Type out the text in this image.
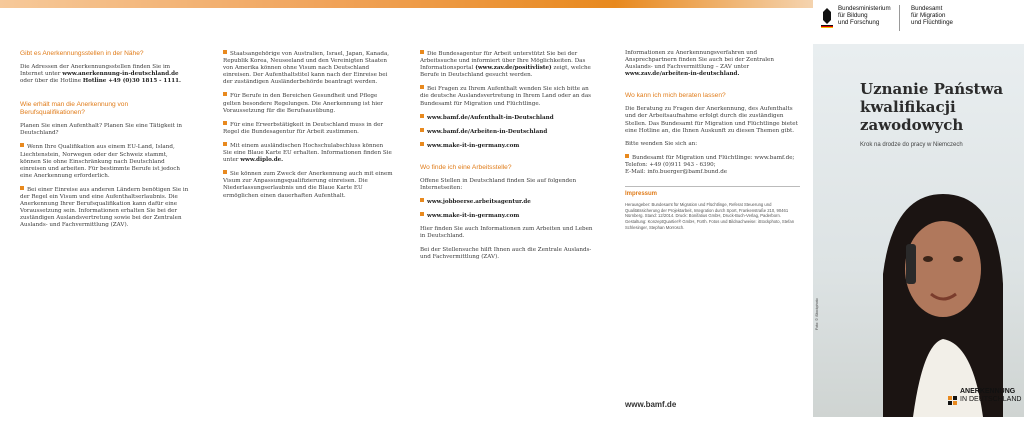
Gibt es Anerkennungsstellen in der Nähe?

Die Adressen der Anerkennungsstellen finden Sie im Internet unter www.anerkennung-in-deutschland.de oder über die Hotline Hotline +49 (0)30 1815 - 1111.

Wie erhält man die Anerkennung von Berufsqualifikationen?

Planen Sie einen Aufenthalt? Planen Sie eine Tätigkeit in Deutschland?

Wenn Ihre Qualifikation aus einem EU-Land, Island, Liechtenstein, Norwegen oder der Schweiz stammt, können Sie ohne Einschränkung nach Deutschland einreisen und arbeiten. Für bestimmte Berufe ist jedoch eine Anerkennung erforderlich.

Bei einer Einreise aus anderen Ländern benötigen Sie in der Regel ein Visum und eine Aufenthaltserlaubnis. Die Anerkennung Ihrer Berufsqualifikation kann dafür eine Voraussetzung sein. Informationen erhalten Sie bei der zuständigen Auslandsvertretung sowie bei der Zentralen Auslands- und Fachvermittlung (ZAV).

Staatsangehörige von Australien, Israel, Japan, Kanada, Republik Korea, Neuseeland und den Vereinigten Staaten von Amerika können ohne Visum nach Deutschland einreisen. Der Aufenthaltstitel kann nach der Einreise bei der zuständigen Ausländerbehörde beantragt werden.

Für Berufe in den Bereichen Gesundheit und Pflege gelten besondere Regelungen. Die Anerkennung ist hier Voraussetzung für die Berufsausübung.

Für eine Erwerbstätigkeit in Deutschland muss in der Regel die Bundesagentur für Arbeit zustimmen.

Mit einem ausländischen Hochschulabschluss können Sie eine Blaue Karte EU erhalten. Informationen finden Sie unter www.diplo.de.

Sie können zum Zweck der Anerkennung auch mit einem Visum zur Anpassungsqualifizierung einreisen. Die Niederlassungserlaubnis und die Blaue Karte EU ermöglichen einen dauerhaften Aufenthalt.

Die Bundesagentur für Arbeit unterstützt Sie bei der Arbeitssuche und informiert über Ihre Möglichkeiten. Das Informationsportal (www.zav.de/positivliste) zeigt, welche Berufe in Deutschland gesucht werden.

Bei Fragen zu Ihrem Aufenthalt wenden Sie sich bitte an die deutsche Auslandsvertretung in Ihrem Land oder an das Bundesamt für Migration und Flüchtlinge.

www.bamf.de/Aufenthalt-in-Deutschland

www.bamf.de/Arbeiten-in-Deutschland

www.make-it-in-germany.com

Wo finde ich eine Arbeitsstelle?

Offene Stellen in Deutschland finden Sie auf folgenden Internetseiten:

www.jobboerse.arbeitsagentur.de

www.make-it-in-germany.com

Hier finden Sie auch Informationen zum Arbeiten und Leben in Deutschland.

Bei der Stellensuche hilft Ihnen auch die Zentrale Auslands- und Fachvermittlung (ZAV).

Informationen zu Anerkennungsverfahren und Ansprechpartnern finden Sie auch bei der Zentralen Auslands- und Fachvermittlung – ZAV unter www.zav.de/arbeiten-in-deutschland.

Wo kann ich mich beraten lassen?

Die Beratung zu Fragen der Anerkennung, des Aufenthalts und der Arbeitsaufnahme erfolgt durch die zuständigen Stellen. Das Bundesamt für Migration und Flüchtlinge bietet eine Hotline an, die Ihnen Auskunft zu diesen Themen gibt.

Bitte wenden Sie sich an:

Bundesamt für Migration und Flüchtlinge: www.bamf.de;
Telefon: +49 (0)911 943 - 6390;
E-Mail: info.buerger@bamf.bund.de

Impressum

Herausgeber: Bundesamt für Migration und Flüchtlinge, Referat Steuerung und Qualitätssicherung der Projektarbeit, Integration durch Sport, Frankenstraße 210, 90461 Nürnberg. Stand: 12/2014. Druck: Bonifatius GmbH, Druck-Buch-Verlag, Paderborn. Gestaltung: KonzeptQuartier® GmbH, Fürth. Fotos und Bildnachweise: iStockphoto, Stefan Schlesinger, Stephan Morrosch.

www.bamf.de
Bundesministerium
für Bildung
und Forschung
Bundesamt
für Migration
und Flüchtlinge
Uznanie Państwa
kwalifikacji
zawodowych
Krok na drodze do pracy w Niemczech
Foto: © iStockphoto
ANERKENNUNG
IN DEUTSCHLAND
